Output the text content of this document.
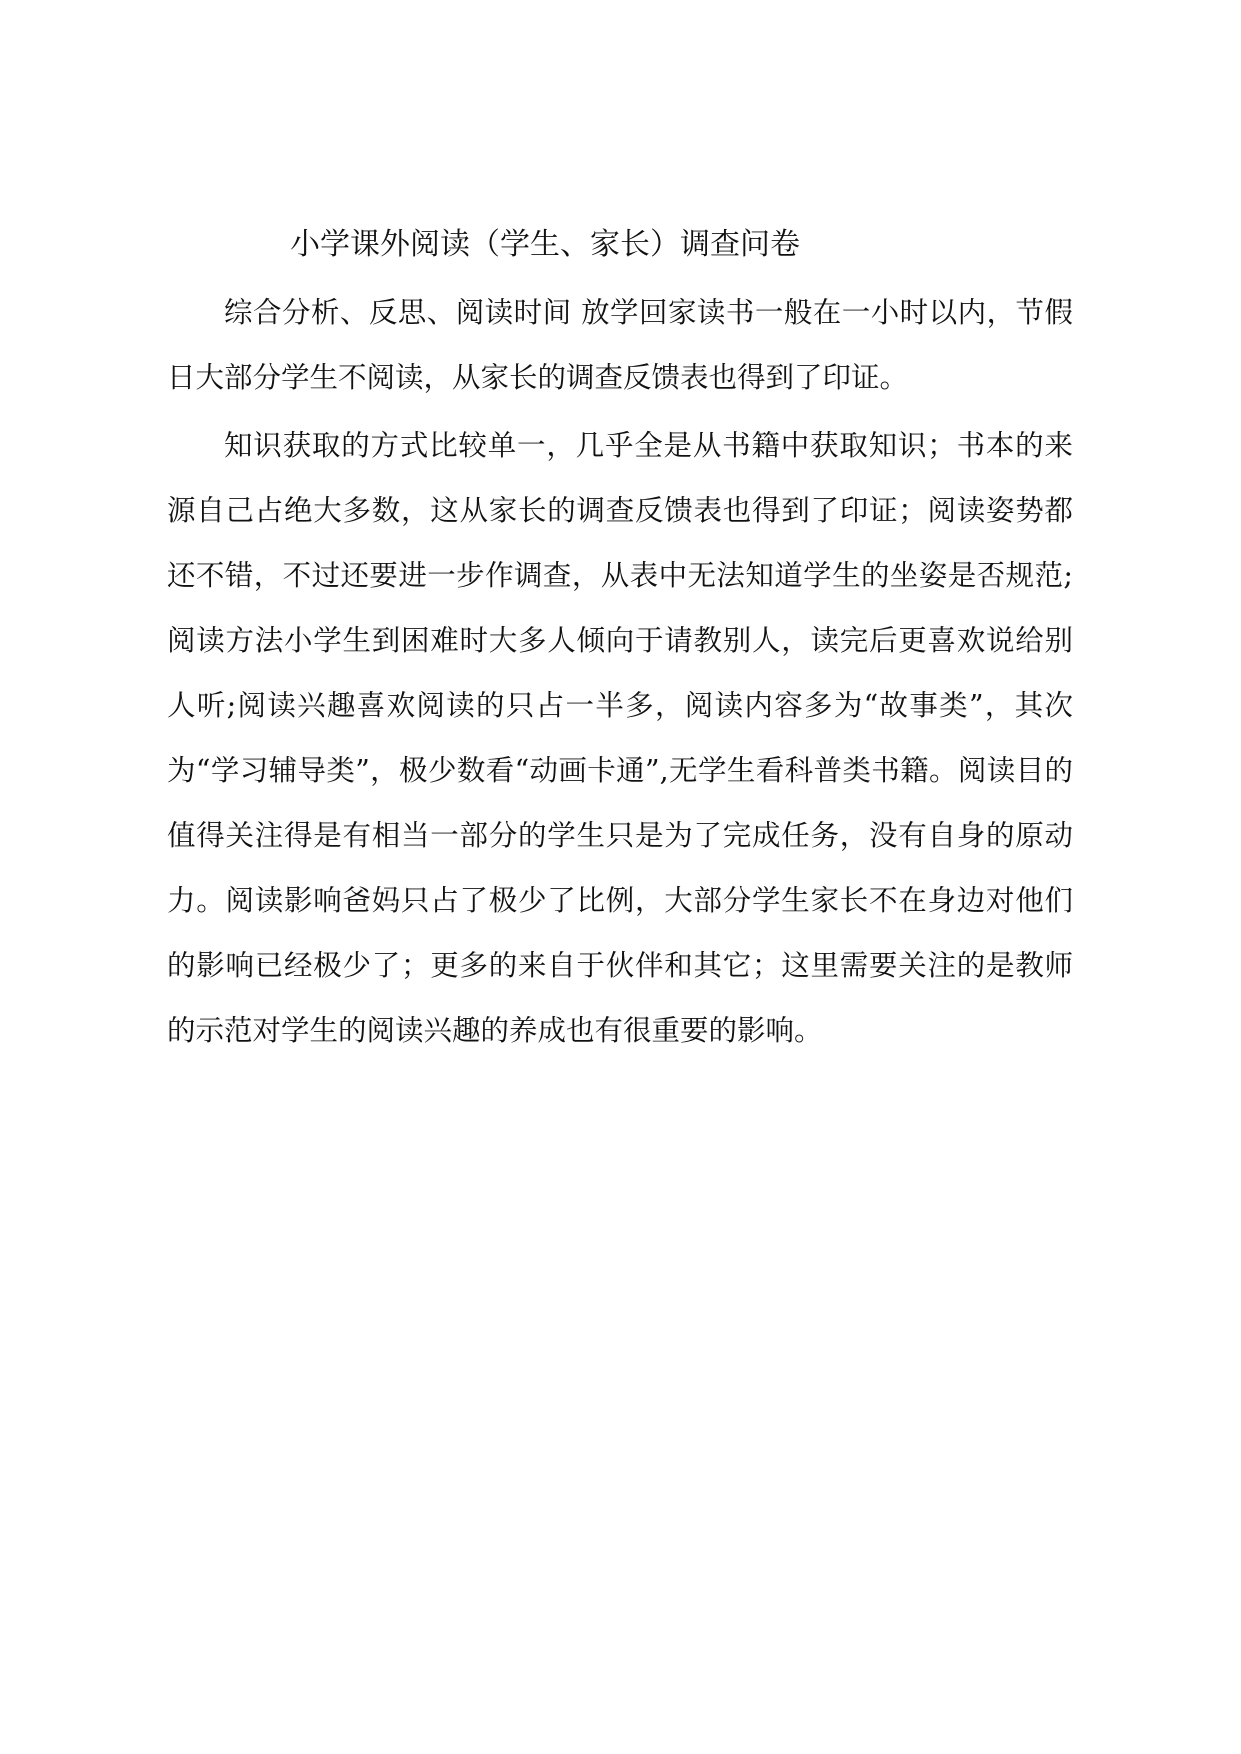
小学课外阅读（学生、家长）调查问卷

综合分析、反思、阅读时间 放学回家读书一般在一小时以内，节假日大部分学生不阅读，从家长的调查反馈表也得到了印证。

知识获取的方式比较单一，几乎全是从书籍中获取知识；书本的来源自己占绝大多数，这从家长的调查反馈表也得到了印证；阅读姿势都还不错，不过还要进一步作调查，从表中无法知道学生的坐姿是否规范;阅读方法小学生到困难时大多人倾向于请教别人，读完后更喜欢说给别人听;阅读兴趣喜欢阅读的只占一半多，阅读内容多为“故事类”，其次为“学习辅导类”，极少数看“动画卡通”,无学生看科普类书籍。阅读目的值得关注得是有相当一部分的学生只是为了完成任务，没有自身的原动力。阅读影响爸妈只占了极少了比例，大部分学生家长不在身边对他们的影响已经极少了；更多的来自于伙伴和其它；这里需要关注的是教师的示范对学生的阅读兴趣的养成也有很重要的影响。
